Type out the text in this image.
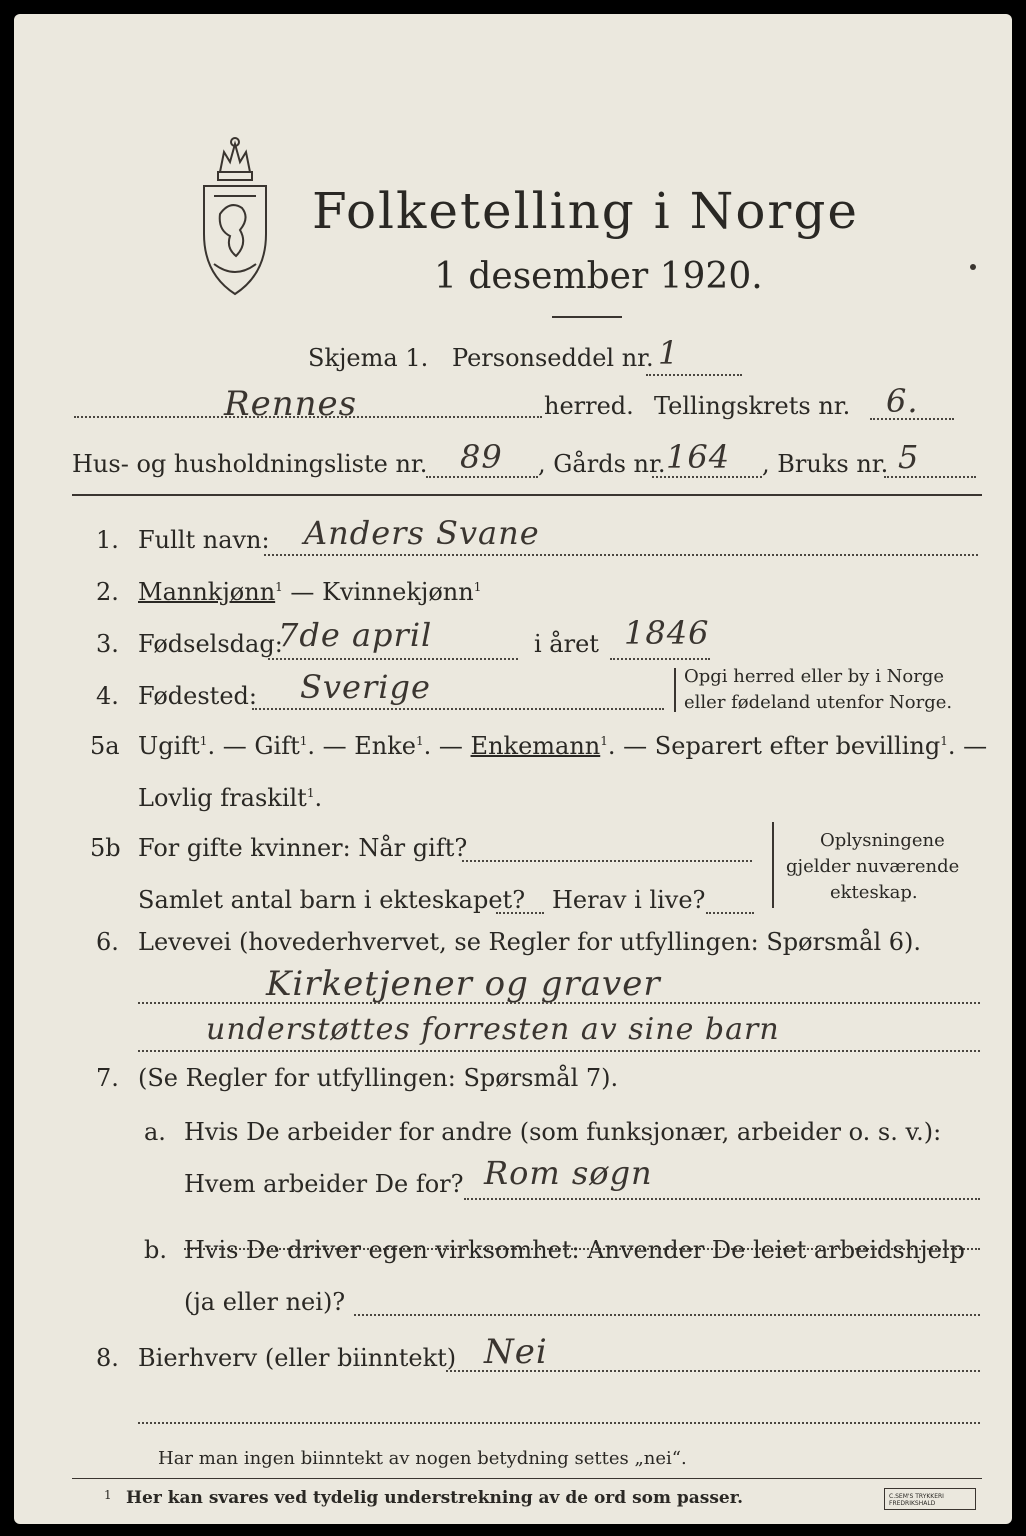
Folketelling i Norge
1 desember 1920.
Skjema 1. Personseddel nr. 1
Rennes	herred. Tellingskrets nr. 6.
Hus- og husholdningsliste nr. 89 , Gårds nr. 164 , Bruks nr. 5
1. Fullt navn: Anders Svane
2. Mannkjønn$^1$ — Kvinnekjønn$^1$
3. Fødselsdag:
7de april	i året 1846
4. Fødested: Sverige	Opgi herred eller by i Norge
eller fødeland utenfor Norge.
5a Ugift$^1$. — Gift$^1$. — Enke$^1$. — Enkemann$^1$. — Separert efter bevilling$^1$. —
Lovlig fraskilt$^1$.
5b For gifte kvinner: Når gift?
Samlet antal barn i ekteskapet? Herav i live?
Oplysningene
gjelder nuværende
ekteskap.
6. Levevei (hovederhvervet, se Regler for utfyllingen: Spørsmål 6).
Kirketjener og graver
understøttes forresten av sine barn
7. (Se Regler for utfyllingen: Spørsmål 7).
a. Hvis De arbeider for andre (som funksjonær, arbeider o. s. v.):
Hvem arbeider De for? Rom søgn
b. Hvis De driver egen virksomhet: Anvender De leiet arbeidshjelp
(ja eller nei)?
8. Bierhverv (eller biinntekt) Nei
Har man ingen biinntekt av nogen betydning settes „nei“.
1 Her kan svares ved tydelig understrekning av de ord som passer.	C.SEM'S TRYKKERI FREDRIKSHALD
